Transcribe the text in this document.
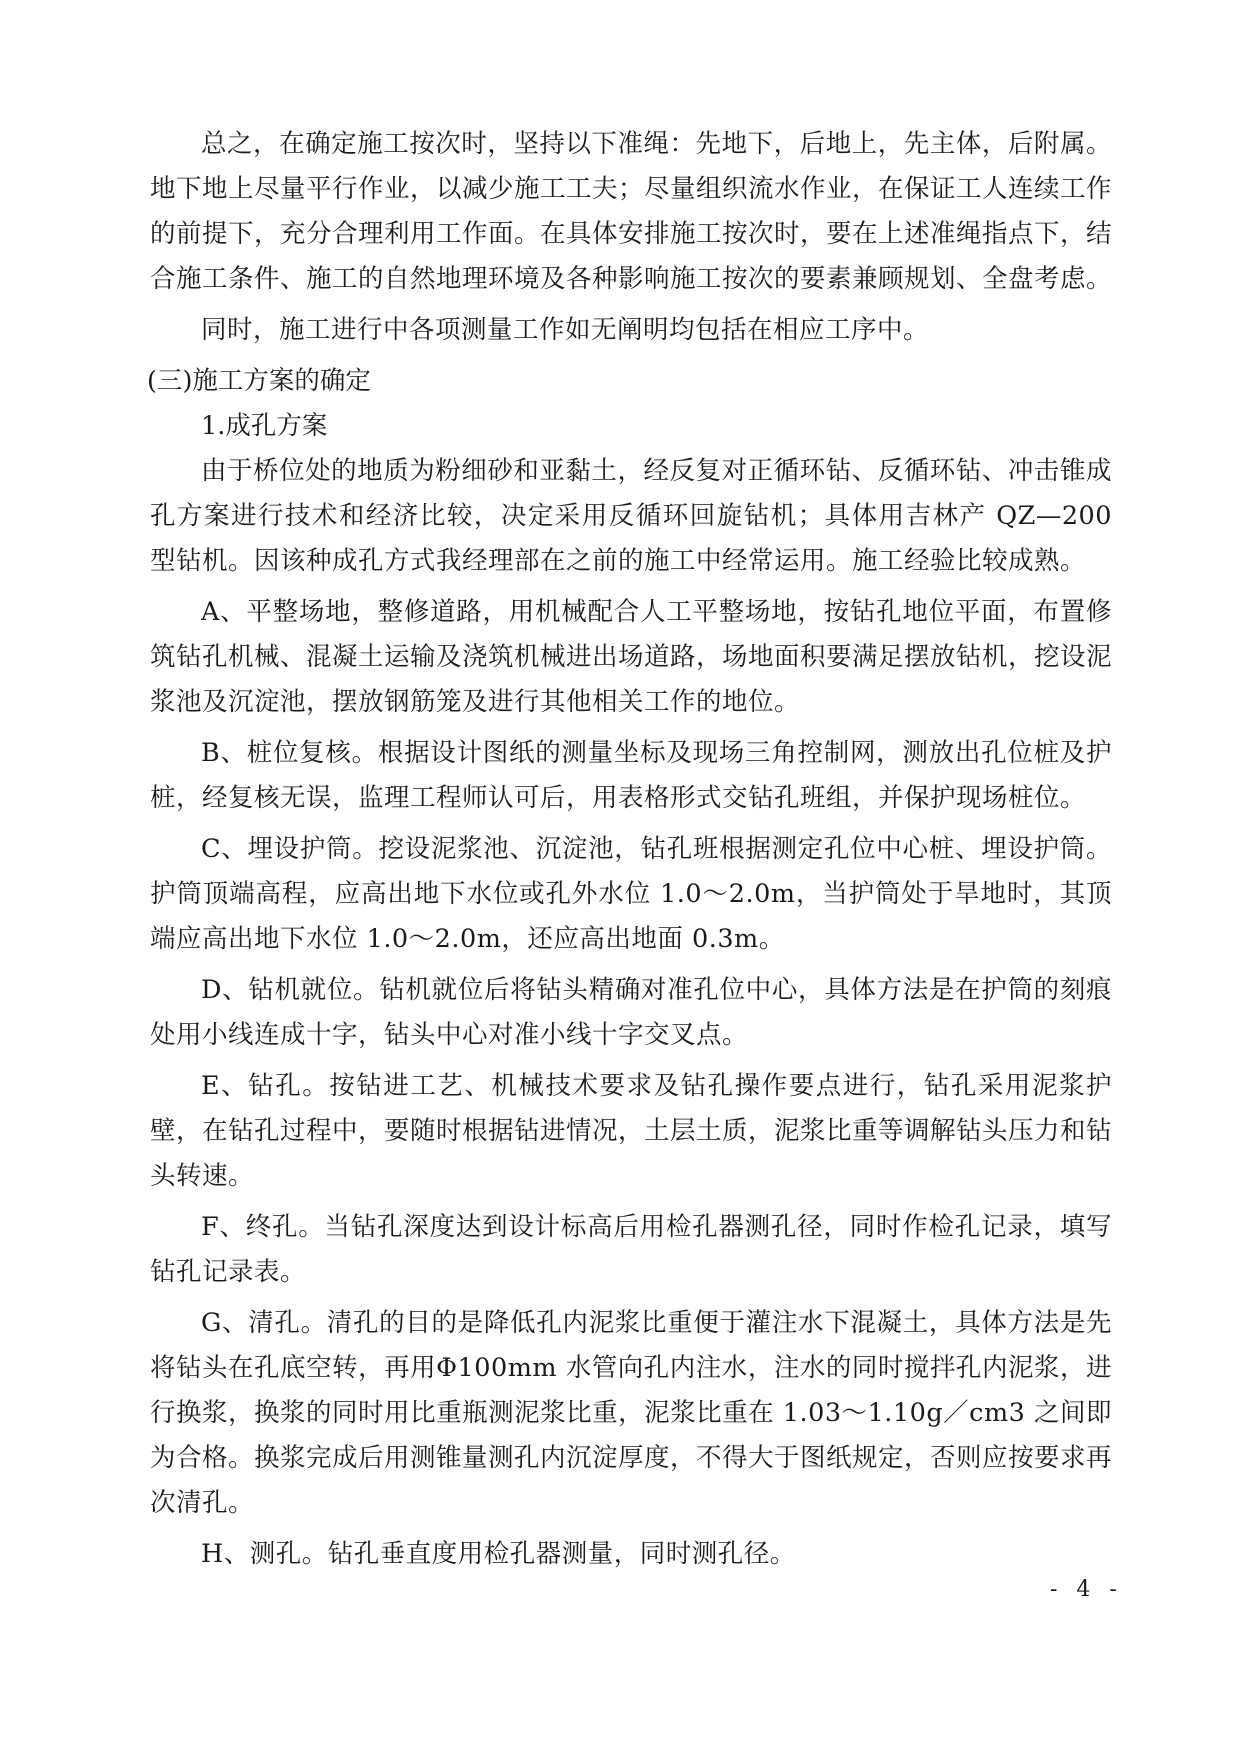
总之，在确定施工按次时，坚持以下准绳：先地下，后地上，先主体，后附属。地下地上尽量平行作业，以减少施工工夫；尽量组织流水作业，在保证工人连续工作的前提下，充分合理利用工作面。在具体安排施工按次时，要在上述准绳指点下，结合施工条件、施工的自然地理环境及各种影响施工按次的要素兼顾规划、全盘考虑。

同时，施工进行中各项测量工作如无阐明均包括在相应工序中。

(三)施工方案的确定

1.成孔方案

由于桥位处的地质为粉细砂和亚黏土，经反复对正循环钻、反循环钻、冲击锥成孔方案进行技术和经济比较，决定采用反循环回旋钻机；具体用吉林产 QZ—200 型钻机。因该种成孔方式我经理部在之前的施工中经常运用。施工经验比较成熟。

A、平整场地，整修道路，用机械配合人工平整场地，按钻孔地位平面，布置修筑钻孔机械、混凝土运输及浇筑机械进出场道路，场地面积要满足摆放钻机，挖设泥浆池及沉淀池，摆放钢筋笼及进行其他相关工作的地位。

B、桩位复核。根据设计图纸的测量坐标及现场三角控制网，测放出孔位桩及护桩，经复核无误，监理工程师认可后，用表格形式交钻孔班组，并保护现场桩位。

C、埋设护筒。挖设泥浆池、沉淀池，钻孔班根据测定孔位中心桩、埋设护筒。护筒顶端高程，应高出地下水位或孔外水位 1.0～2.0m，当护筒处于旱地时，其顶端应高出地下水位 1.0～2.0m，还应高出地面 0.3m。

D、钻机就位。钻机就位后将钻头精确对准孔位中心，具体方法是在护筒的刻痕处用小线连成十字，钻头中心对准小线十字交叉点。

E、钻孔。按钻进工艺、机械技术要求及钻孔操作要点进行，钻孔采用泥浆护壁，在钻孔过程中，要随时根据钻进情况，土层土质，泥浆比重等调解钻头压力和钻头转速。

F、终孔。当钻孔深度达到设计标高后用检孔器测孔径，同时作检孔记录，填写钻孔记录表。

G、清孔。清孔的目的是降低孔内泥浆比重便于灌注水下混凝土，具体方法是先将钻头在孔底空转，再用Φ100mm 水管向孔内注水，注水的同时搅拌孔内泥浆，进行换浆，换浆的同时用比重瓶测泥浆比重，泥浆比重在 1.03～1.10g／cm3 之间即为合格。换浆完成后用测锥量测孔内沉淀厚度，不得大于图纸规定，否则应按要求再次清孔。

H、测孔。钻孔垂直度用检孔器测量，同时测孔径。

- 4 -
